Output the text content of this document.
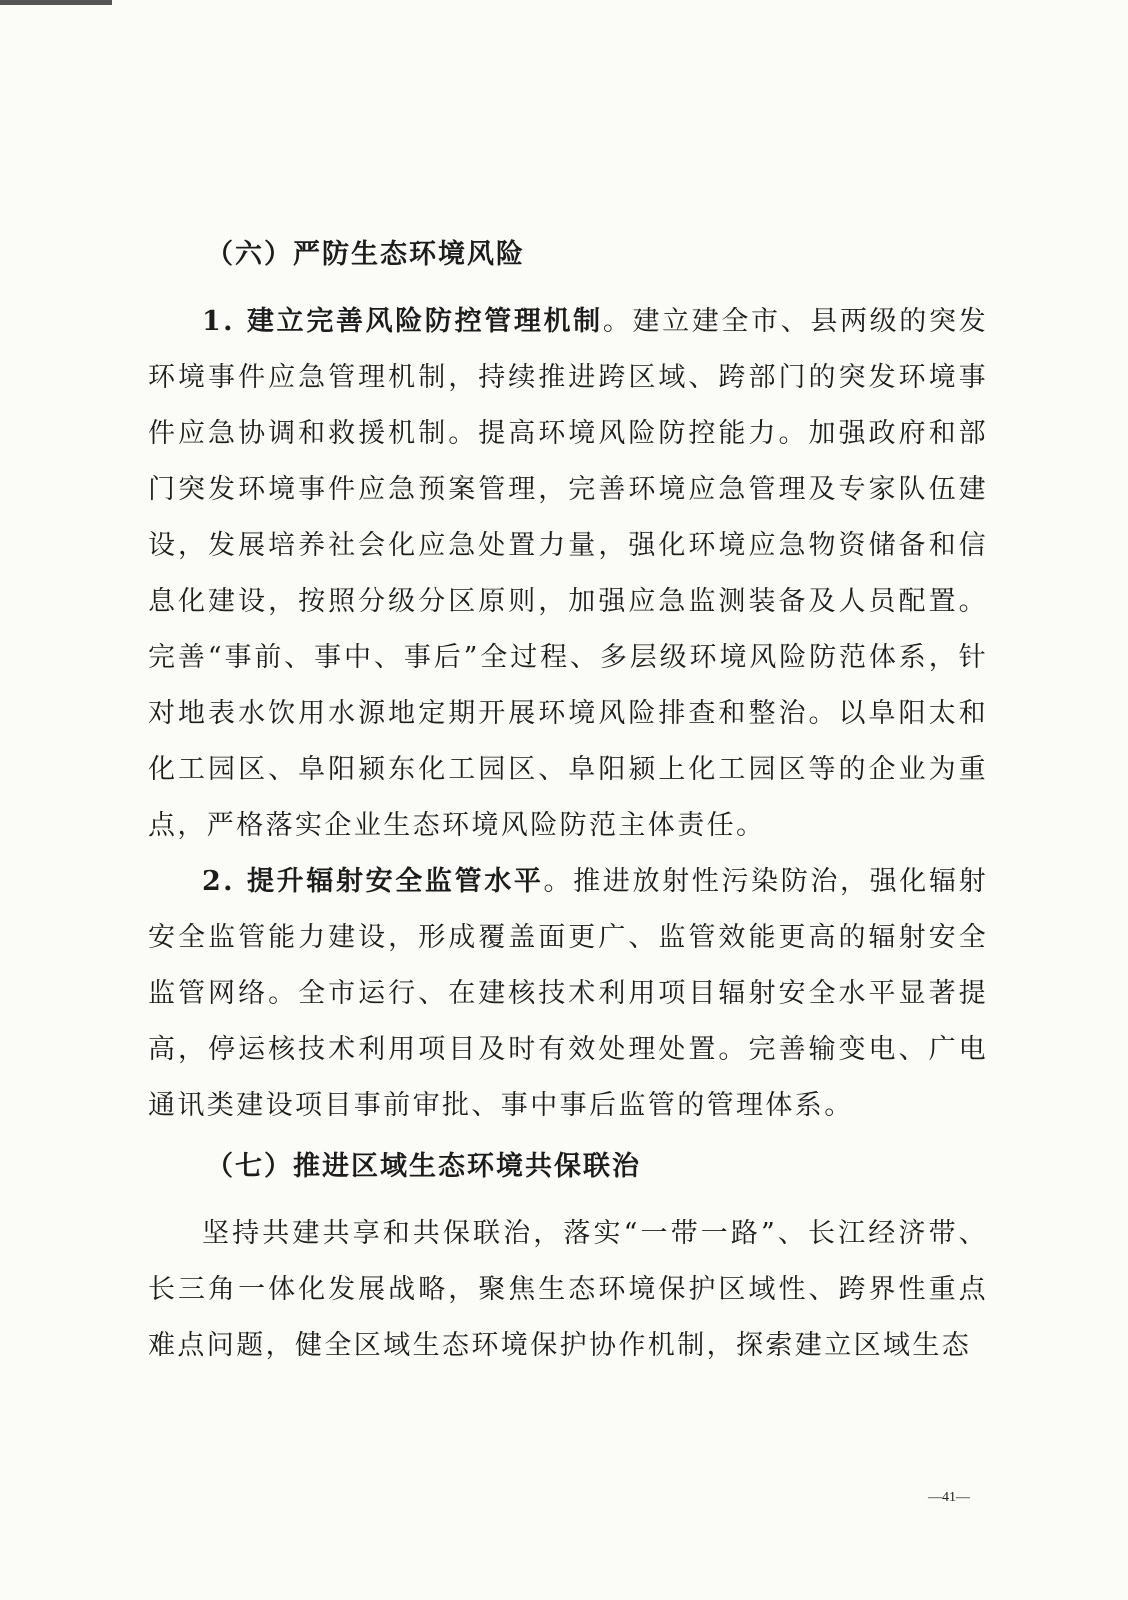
（六）严防生态环境风险

1. 建立完善风险防控管理机制。建立建全市、县两级的突发环境事件应急管理机制，持续推进跨区域、跨部门的突发环境事件应急协调和救援机制。提高环境风险防控能力。加强政府和部门突发环境事件应急预案管理，完善环境应急管理及专家队伍建设，发展培养社会化应急处置力量，强化环境应急物资储备和信息化建设，按照分级分区原则，加强应急监测装备及人员配置。完善“事前、事中、事后”全过程、多层级环境风险防范体系，针对地表水饮用水源地定期开展环境风险排查和整治。以阜阳太和化工园区、阜阳颍东化工园区、阜阳颍上化工园区等的企业为重点，严格落实企业生态环境风险防范主体责任。

2. 提升辐射安全监管水平。推进放射性污染防治，强化辐射安全监管能力建设，形成覆盖面更广、监管效能更高的辐射安全监管网络。全市运行、在建核技术利用项目辐射安全水平显著提高，停运核技术利用项目及时有效处理处置。完善输变电、广电通讯类建设项目事前审批、事中事后监管的管理体系。

（七）推进区域生态环境共保联治

坚持共建共享和共保联治，落实“一带一路”、长江经济带、长三角一体化发展战略，聚焦生态环境保护区域性、跨界性重点难点问题，健全区域生态环境保护协作机制，探索建立区域生态

—41—
